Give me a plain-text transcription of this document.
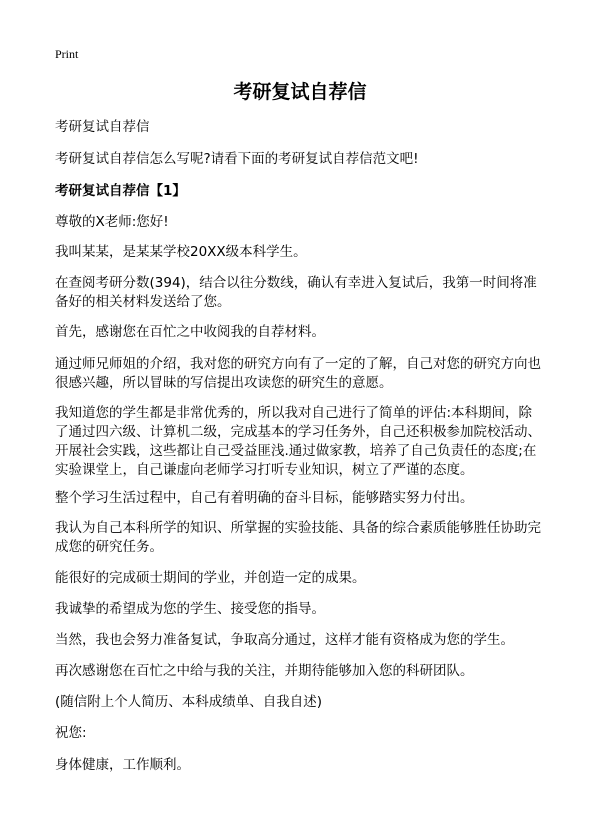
Print
考研复试自荐信

考研复试自荐信

考研复试自荐信怎么写呢?请看下面的考研复试自荐信范文吧!

考研复试自荐信【1】

尊敬的X老师:您好!

我叫某某，是某某学校20XX级本科学生。

在查阅考研分数(394)，结合以往分数线，确认有幸进入复试后，我第一时间将准
备好的相关材料发送给了您。

首先，感谢您在百忙之中收阅我的自荐材料。

通过师兄师姐的介绍，我对您的研究方向有了一定的了解，自己对您的研究方向也
很感兴趣，所以冒昧的写信提出攻读您的研究生的意愿。

我知道您的学生都是非常优秀的，所以我对自己进行了简单的评估:本科期间，除
了通过四六级、计算机二级，完成基本的学习任务外，自己还积极参加院校活动、
开展社会实践，这些都让自己受益匪浅.通过做家教，培养了自己负责任的态度;在
实验课堂上，自己谦虚向老师学习打听专业知识，树立了严谨的态度。

整个学习生活过程中，自己有着明确的奋斗目标，能够踏实努力付出。

我认为自己本科所学的知识、所掌握的实验技能、具备的综合素质能够胜任协助完
成您的研究任务。

能很好的完成硕士期间的学业，并创造一定的成果。

我诚挚的希望成为您的学生、接受您的指导。

当然，我也会努力准备复试，争取高分通过，这样才能有资格成为您的学生。

再次感谢您在百忙之中给与我的关注，并期待能够加入您的科研团队。

(随信附上个人简历、本科成绩单、自我自述)

祝您:

身体健康，工作顺利。
